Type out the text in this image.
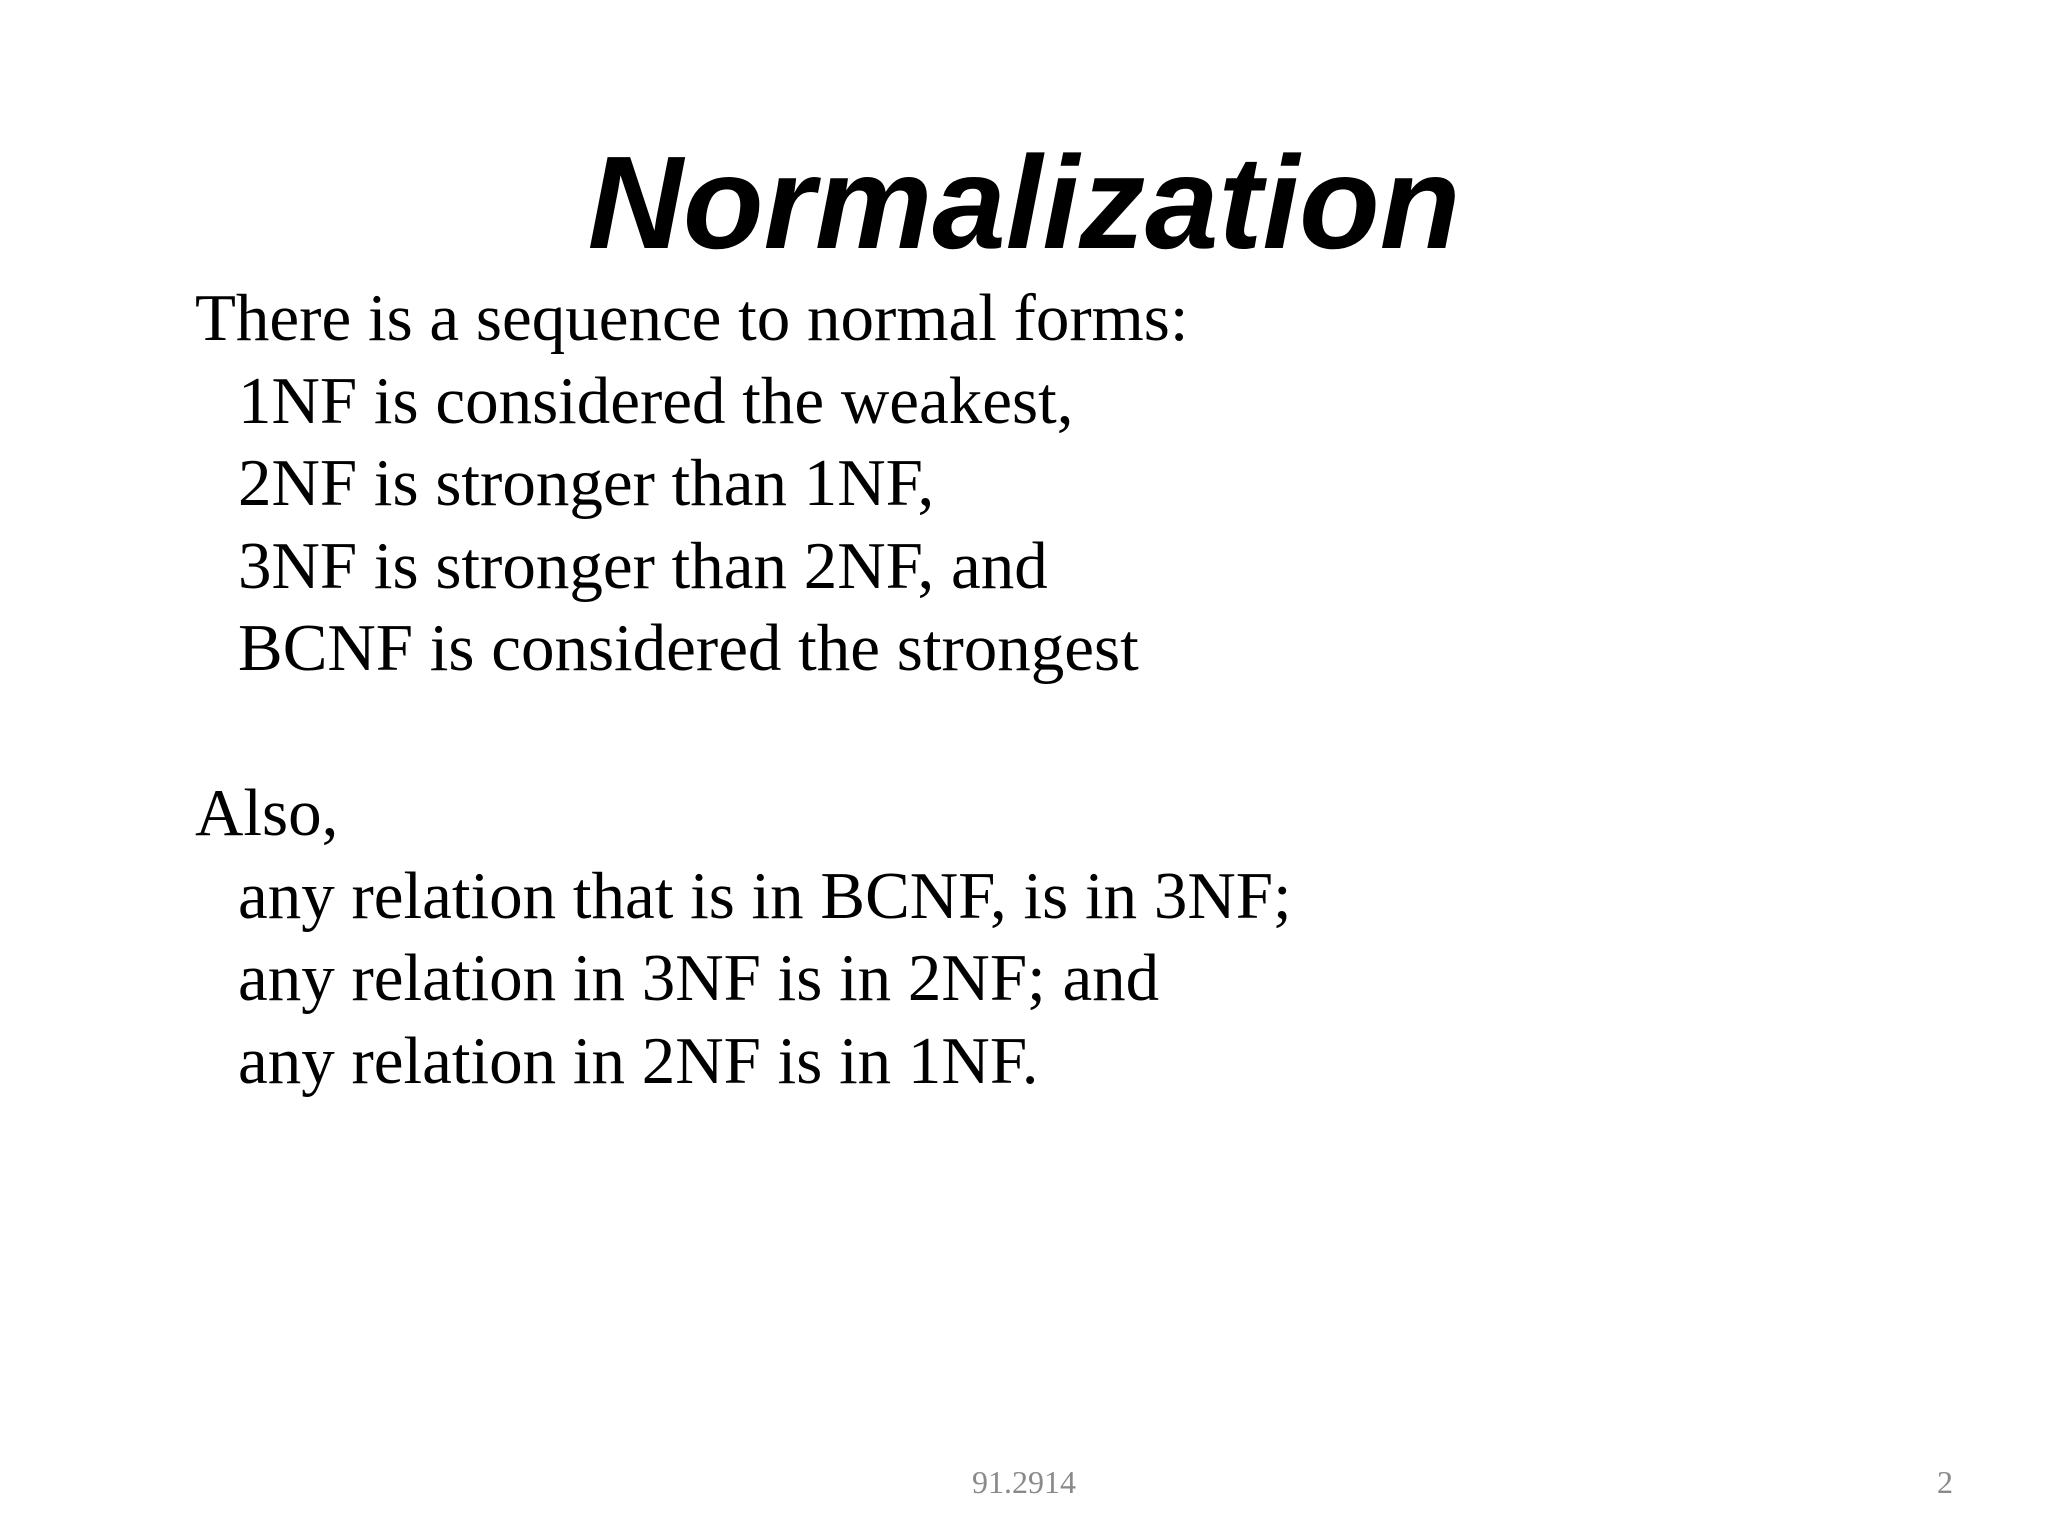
Normalization
There is a sequence to normal forms:
1NF is considered the weakest,
2NF is stronger than 1NF,
3NF is stronger than 2NF, and
BCNF is considered the strongest
Also,
any relation that is in BCNF, is in 3NF;
any relation in 3NF is in 2NF; and
any relation in 2NF is in 1NF.
91.2914	2
